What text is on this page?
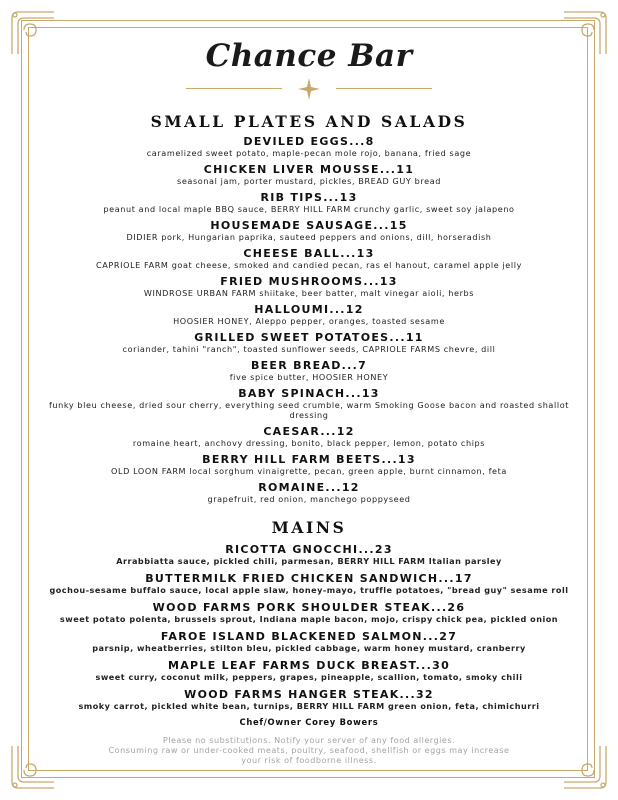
Chance Bar
SMALL PLATES AND SALADS
DEVILED EGGS...8
caramelized sweet potato, maple-pecan mole rojo, banana, fried sage
CHICKEN LIVER MOUSSE...11
seasonal jam, porter mustard, pickles, BREAD GUY bread
RIB TIPS...13
peanut and local maple BBQ sauce, BERRY HILL FARM crunchy garlic, sweet soy jalapeno
HOUSEMADE SAUSAGE...15
DIDIER pork, Hungarian paprika, sauteed peppers and onions, dill, horseradish
CHEESE BALL...13
CAPRIOLE FARM goat cheese, smoked and candied pecan, ras el hanout, caramel apple jelly
FRIED MUSHROOMS...13
WINDROSE URBAN FARM shiitake, beer batter, malt vinegar aioli, herbs
HALLOUMI...12
HOOSIER HONEY, Aleppo pepper, oranges, toasted sesame
GRILLED SWEET POTATOES...11
coriander, tahini "ranch", toasted sunflower seeds, CAPRIOLE FARMS chevre, dill
BEER BREAD...7
five spice butter, HOOSIER HONEY
BABY SPINACH...13
funky bleu cheese, dried sour cherry, everything seed crumble, warm Smoking Goose bacon and roasted shallot dressing
CAESAR...12
romaine heart, anchovy dressing, bonito, black pepper, lemon, potato chips
BERRY HILL FARM BEETS...13
OLD LOON FARM local sorghum vinaigrette, pecan, green apple, burnt cinnamon, feta
ROMAINE...12
grapefruit, red onion, manchego poppyseed
MAINS
RICOTTA GNOCCHI...23
Arrabbiatta sauce, pickled chili, parmesan, BERRY HILL FARM Italian parsley
BUTTERMILK FRIED CHICKEN SANDWICH...17
gochou-sesame buffalo sauce, local apple slaw, honey-mayo, truffle potatoes, "bread guy" sesame roll
WOOD FARMS PORK SHOULDER STEAK...26
sweet potato polenta, brussels sprout, Indiana maple bacon, mojo, crispy chick pea, pickled onion
FAROE ISLAND BLACKENED SALMON...27
parsnip, wheatberries, stilton bleu, pickled cabbage, warm honey mustard, cranberry
MAPLE LEAF FARMS DUCK BREAST...30
sweet curry, coconut milk, peppers, grapes, pineapple, scallion, tomato, smoky chili
WOOD FARMS HANGER STEAK...32
smoky carrot, pickled white bean, turnips, BERRY HILL FARM green onion, feta, chimichurri
Chef/Owner Corey Bowers
Please no substitutions. Notify your server of any food allergies.
Consuming raw or under-cooked meats, poultry, seafood, shellfish or eggs may increase
your risk of foodborne illness.
